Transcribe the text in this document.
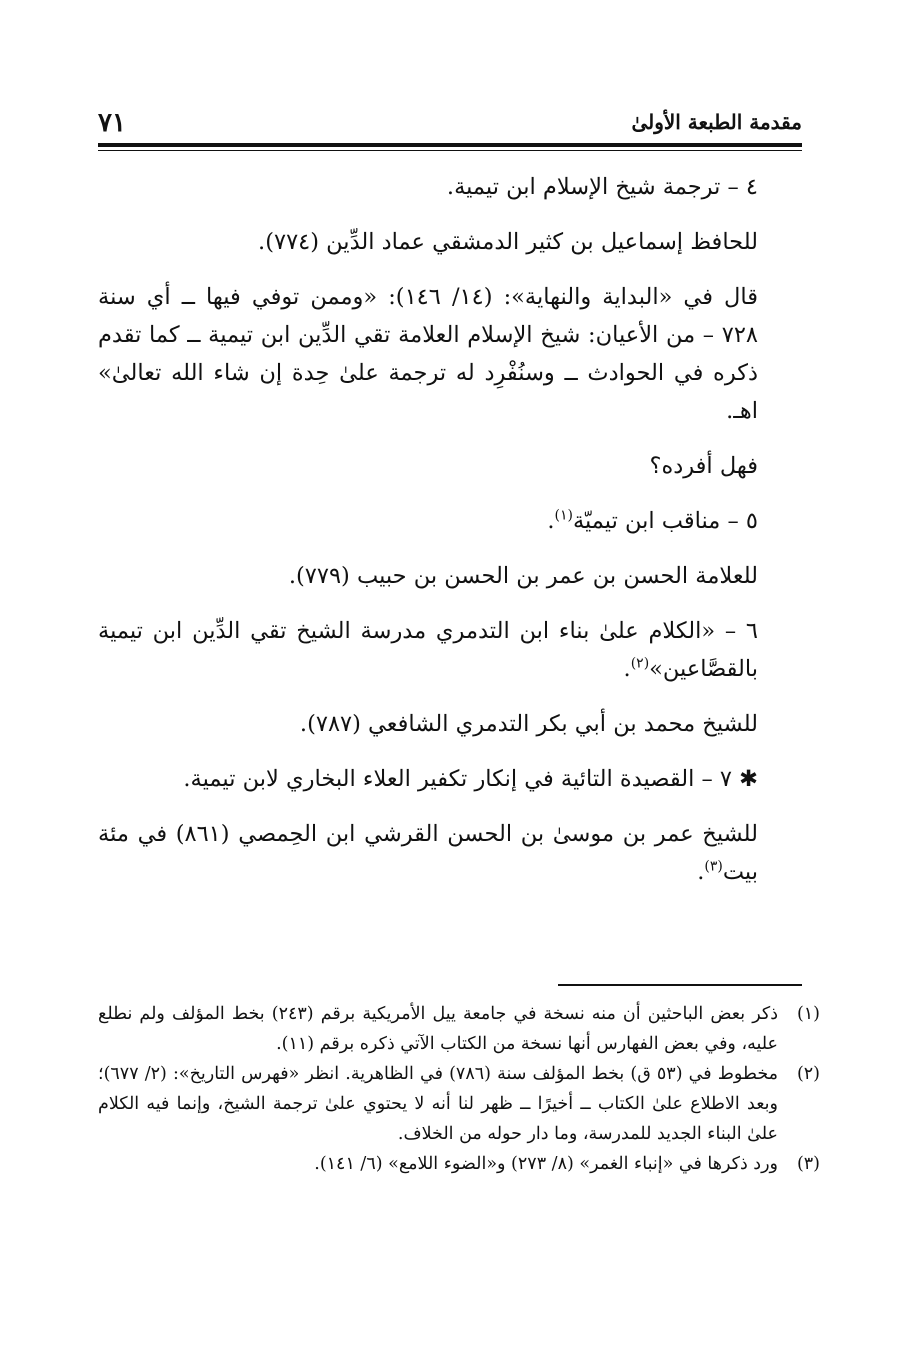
مقدمة الطبعة الأولىٰ
٧١

٤ – ترجمة شيخ الإسلام ابن تيمية.

للحافظ إسماعيل بن كثير الدمشقي عماد الدِّين (٧٧٤).

قال في «البداية والنهاية»: (١٤/ ١٤٦): «وممن توفي فيها ــ أي سنة ٧٢٨ – من الأعيان: شيخ الإسلام العلامة تقي الدِّين ابن تيمية ــ كما تقدم ذكره في الحوادث ــ وسنُفْرِد له ترجمة علىٰ حِدة إن شاء الله تعالىٰ» اهـ.

فهل أفرده؟

٥ – مناقب ابن تيميّة$^{(١)}$.

للعلامة الحسن بن عمر بن الحسن بن حبيب (٧٧٩).

٦ – «الكلام علىٰ بناء ابن التدمري مدرسة الشيخ تقي الدِّين ابن تيمية بالقصَّاعين»$^{(٢)}$.

للشيخ محمد بن أبي بكر التدمري الشافعي (٧٨٧).

✱ ٧ – القصيدة التائية في إنكار تكفير العلاء البخاري لابن تيمية.

للشيخ عمر بن موسىٰ بن الحسن القرشي ابن الحِمصي (٨٦١) في مئة بيت$^{(٣)}$.

(١)
ذكر بعض الباحثين أن منه نسخة في جامعة ييل الأمريكية برقم (٢٤٣) بخط المؤلف ولم نطلع عليه، وفي بعض الفهارس أنها نسخة من الكتاب الآتي ذكره برقم (١١).
(٢)
مخطوط في (٥٣ ق) بخط المؤلف سنة (٧٨٦) في الظاهرية. انظر «فهرس التاريخ»: (٢/ ٦٧٧)؛ وبعد الاطلاع علىٰ الكتاب ــ أخيرًا ــ ظهر لنا أنه لا يحتوي علىٰ ترجمة الشيخ، وإنما فيه الكلام علىٰ البناء الجديد للمدرسة، وما دار حوله من الخلاف.
(٣)
ورد ذكرها في «إنباء الغمر» (٨/ ٢٧٣) و«الضوء اللامع» (٦/ ١٤١).
